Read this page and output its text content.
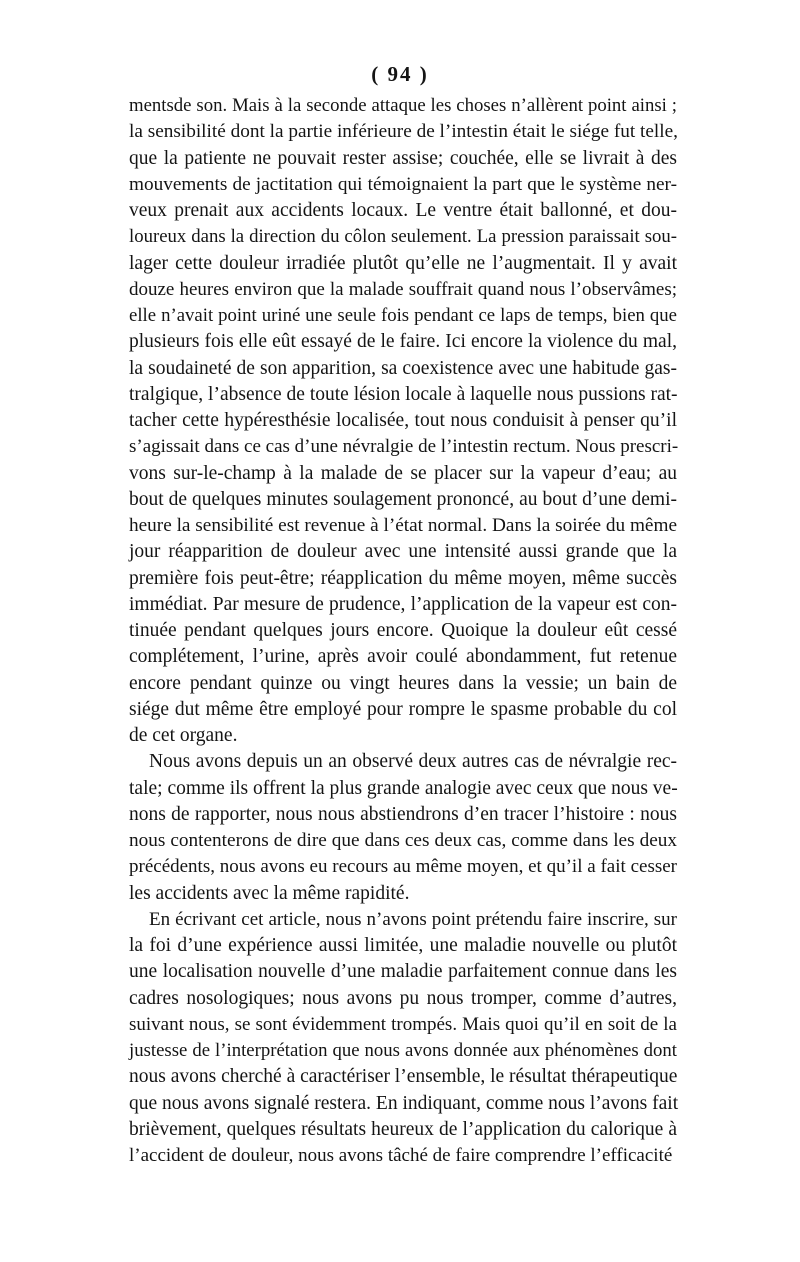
( 94 )
mentsde son. Mais à la seconde attaque les choses n’allèrent point ainsi ;
la sensibilité dont la partie inférieure de l’intestin était le siége fut telle,
que la patiente ne pouvait rester assise; couchée, elle se livrait à des
mouvements de jactitation qui témoignaient la part que le système ner-
veux prenait aux accidents locaux. Le ventre était ballonné, et dou-
loureux dans la direction du côlon seulement. La pression paraissait sou-
lager cette douleur irradiée plutôt qu’elle ne l’augmentait. Il y avait
douze heures environ que la malade souffrait quand nous l’observâmes;
elle n’avait point uriné une seule fois pendant ce laps de temps, bien que
plusieurs fois elle eût essayé de le faire. Ici encore la violence du mal,
la soudaineté de son apparition, sa coexistence avec une habitude gas-
tralgique, l’absence de toute lésion locale à laquelle nous pussions rat-
tacher cette hypéresthésie localisée, tout nous conduisit à penser qu’il
s’agissait dans ce cas d’une névralgie de l’intestin rectum. Nous prescri-
vons sur-le-champ à la malade de se placer sur la vapeur d’eau; au
bout de quelques minutes soulagement prononcé, au bout d’une demi-
heure la sensibilité est revenue à l’état normal. Dans la soirée du même
jour réapparition de douleur avec une intensité aussi grande que la
première fois peut-être; réapplication du même moyen, même succès
immédiat. Par mesure de prudence, l’application de la vapeur est con-
tinuée pendant quelques jours encore. Quoique la douleur eût cessé
complétement, l’urine, après avoir coulé abondamment, fut retenue
encore pendant quinze ou vingt heures dans la vessie; un bain de
siége dut même être employé pour rompre le spasme probable du col
de cet organe.
Nous avons depuis un an observé deux autres cas de névralgie rec-
tale; comme ils offrent la plus grande analogie avec ceux que nous ve-
nons de rapporter, nous nous abstiendrons d’en tracer l’histoire : nous
nous contenterons de dire que dans ces deux cas, comme dans les deux
précédents, nous avons eu recours au même moyen, et qu’il a fait cesser
les accidents avec la même rapidité.
En écrivant cet article, nous n’avons point prétendu faire inscrire, sur
la foi d’une expérience aussi limitée, une maladie nouvelle ou plutôt
une localisation nouvelle d’une maladie parfaitement connue dans les
cadres nosologiques; nous avons pu nous tromper, comme d’autres,
suivant nous, se sont évidemment trompés. Mais quoi qu’il en soit de la
justesse de l’interprétation que nous avons donnée aux phénomènes dont
nous avons cherché à caractériser l’ensemble, le résultat thérapeutique
que nous avons signalé restera. En indiquant, comme nous l’avons fait
brièvement, quelques résultats heureux de l’application du calorique à
l’accident de douleur, nous avons tâché de faire comprendre l’efficacité
